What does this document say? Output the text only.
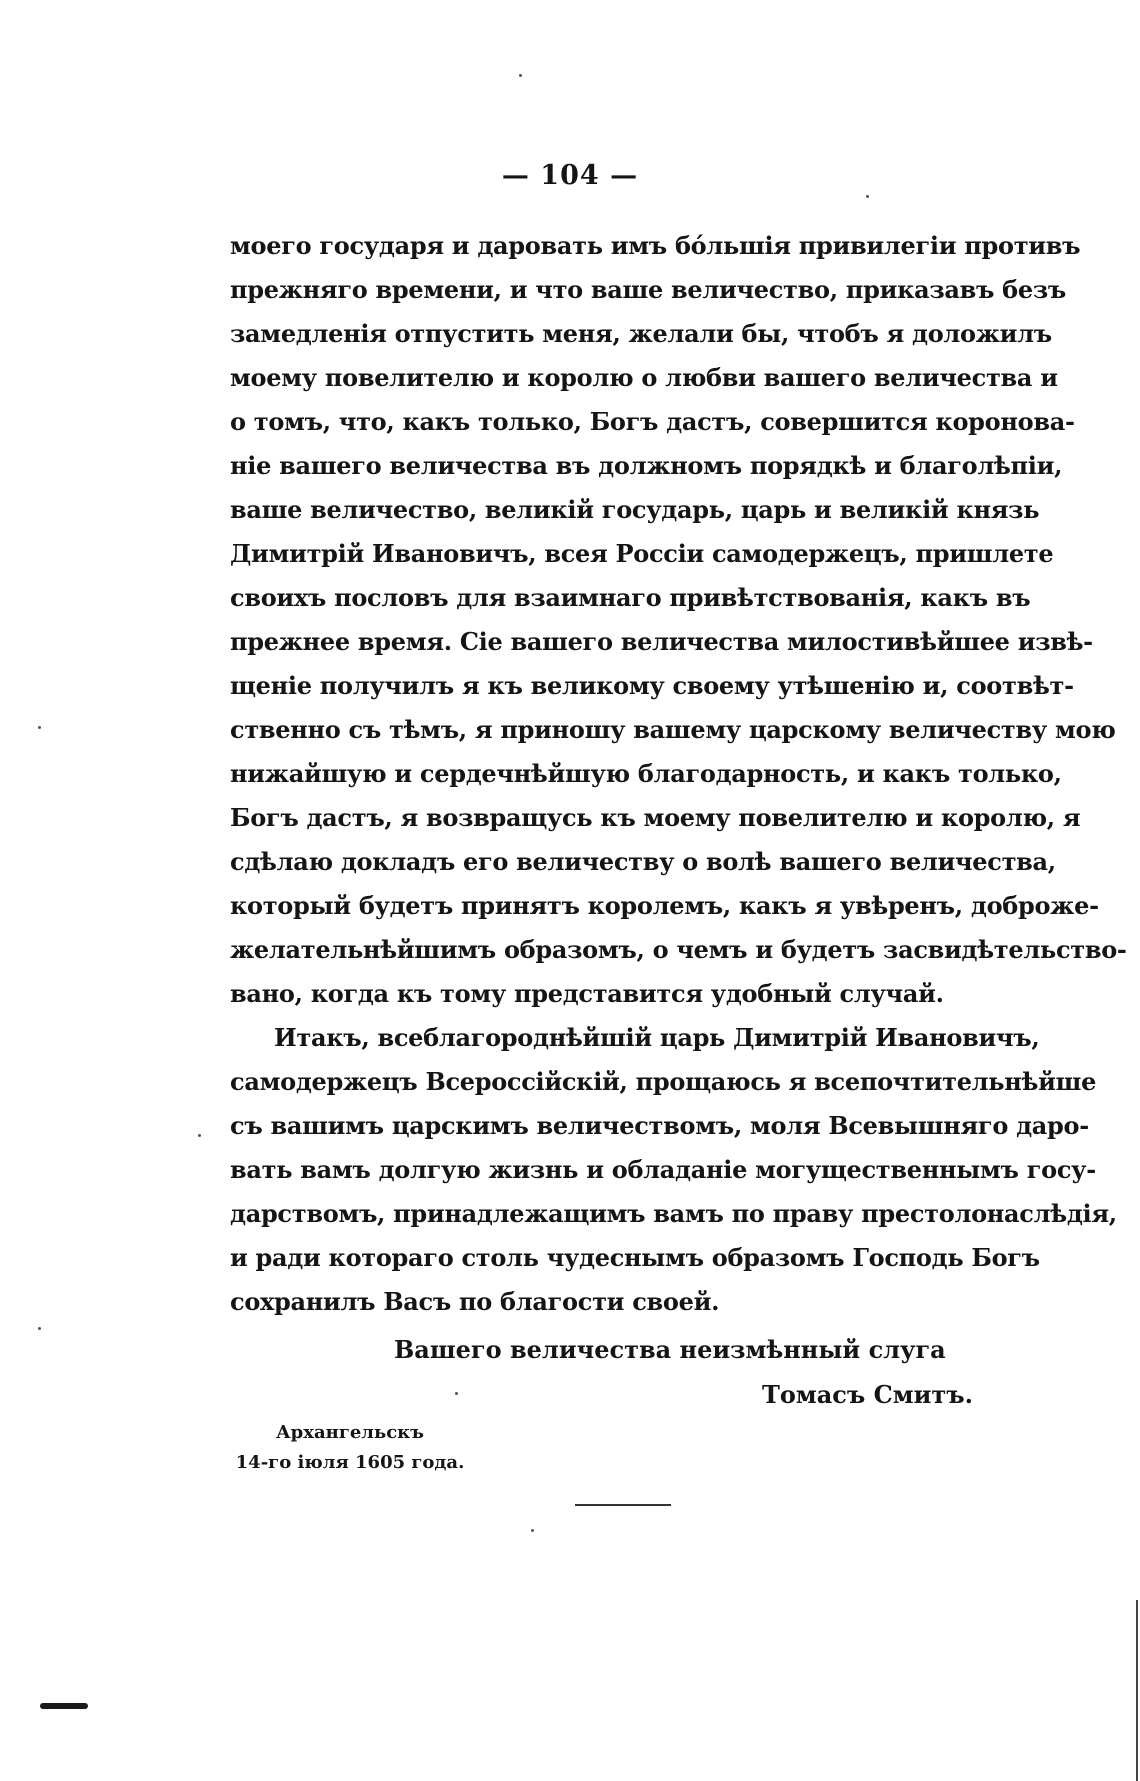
— 104 —
моего государя и даровать имъ бо́льшія привилегіи противъ
прежняго времени, и что ваше величество, приказавъ безъ
замедленія отпустить меня, желали бы, чтобъ я доложилъ
моему повелителю и королю о любви вашего величества и
о томъ, что, какъ только, Богъ дастъ, совершится коронова-
ніе вашего величества въ должномъ порядкѣ и благолѣпіи,
ваше величество, великій государь, царь и великій князь
Димитрій Ивановичъ, всея Россіи самодержецъ, пришлете
своихъ пословъ для взаимнаго привѣтствованія, какъ въ
прежнее время. Сіе вашего величества милостивѣйшее извѣ-
щеніе получилъ я къ великому своему утѣшенію и, соотвѣт-
ственно съ тѣмъ, я приношу вашему царскому величеству мою
нижайшую и сердечнѣйшую благодарность, и какъ только,
Богъ дастъ, я возвращусь къ моему повелителю и королю, я
сдѣлаю докладъ его величеству о волѣ вашего величества,
который будетъ принятъ королемъ, какъ я увѣренъ, доброже-
желательнѣйшимъ образомъ, о чемъ и будетъ засвидѣтельство-
вано, когда къ тому представится удобный случай.
Итакъ, всеблагороднѣйшій царь Димитрій Ивановичъ,
самодержецъ Всероссійскій, прощаюсь я всепочтительнѣйше
съ вашимъ царскимъ величествомъ, моля Всевышняго даро-
вать вамъ долгую жизнь и обладаніе могущественнымъ госу-
дарствомъ, принадлежащимъ вамъ по праву престолонаслѣдія,
и ради котораго столь чудеснымъ образомъ Господь Богъ
сохранилъ Васъ по благости своей.
Вашего величества неизмѣнный слуга
Томасъ Смитъ.
Архангельскъ
14-го іюля 1605 года.
